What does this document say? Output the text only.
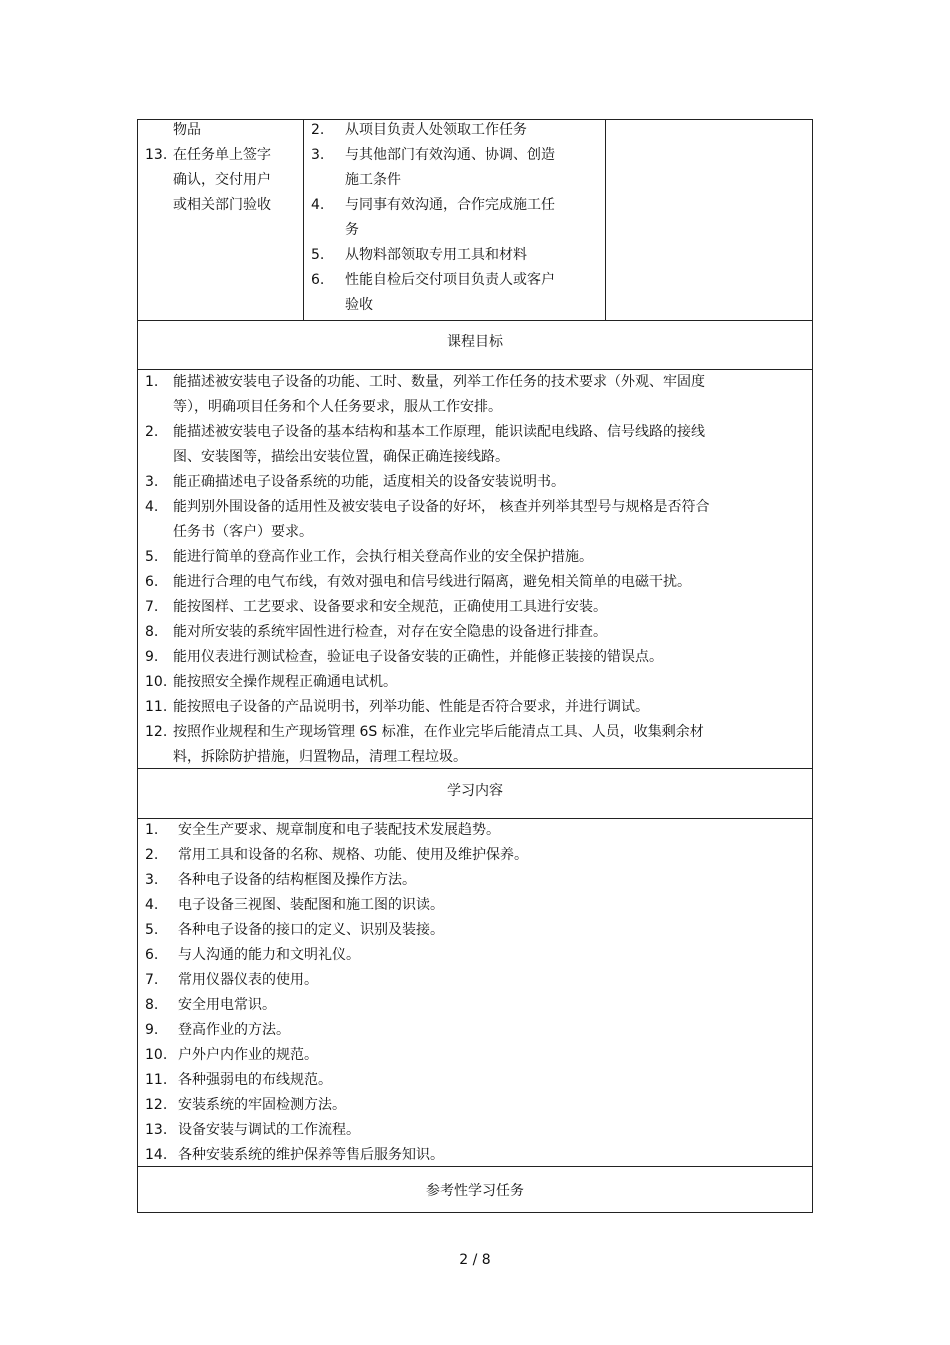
物品
13. 在任务单上签字
确认，交付用户
或相关部门验收
2. 从项目负责人处领取工作任务
3. 与其他部门有效沟通、协调、创造
施工条件
4. 与同事有效沟通，合作完成施工任
务
5. 从物料部领取专用工具和材料
6. 性能自检后交付项目负责人或客户
验收
课程目标
1. 能描述被安装电子设备的功能、工时、数量，列举工作任务的技术要求（外观、牢固度
等），明确项目任务和个人任务要求，服从工作安排。
2. 能描述被安装电子设备的基本结构和基本工作原理，能识读配电线路、信号线路的接线
图、安装图等，描绘出安装位置，确保正确连接线路。
3. 能正确描述电子设备系统的功能，适度相关的设备安装说明书。
4. 能判别外围设备的适用性及被安装电子设备的好坏， 核查并列举其型号与规格是否符合
任务书（客户）要求。
5. 能进行简单的登高作业工作，会执行相关登高作业的安全保护措施。
6. 能进行合理的电气布线，有效对强电和信号线进行隔离，避免相关简单的电磁干扰。
7. 能按图样、工艺要求、设备要求和安全规范，正确使用工具进行安装。
8. 能对所安装的系统牢固性进行检查，对存在安全隐患的设备进行排查。
9. 能用仪表进行测试检查，验证电子设备安装的正确性，并能修正装接的错误点。
10. 能按照安全操作规程正确通电试机。
11. 能按照电子设备的产品说明书，列举功能、性能是否符合要求，并进行调试。
12. 按照作业规程和生产现场管理 6S 标准，在作业完毕后能清点工具、人员，收集剩余材
料，拆除防护措施，归置物品，清理工程垃圾。
学习内容
1. 安全生产要求、规章制度和电子装配技术发展趋势。
2. 常用工具和设备的名称、规格、功能、使用及维护保养。
3. 各种电子设备的结构框图及操作方法。
4. 电子设备三视图、装配图和施工图的识读。
5. 各种电子设备的接口的定义、识别及装接。
6. 与人沟通的能力和文明礼仪。
7. 常用仪器仪表的使用。
8. 安全用电常识。
9. 登高作业的方法。
10. 户外户内作业的规范。
11. 各种强弱电的布线规范。
12. 安装系统的牢固检测方法。
13. 设备安装与调试的工作流程。
14. 各种安装系统的维护保养等售后服务知识。
参考性学习任务
2 / 8
